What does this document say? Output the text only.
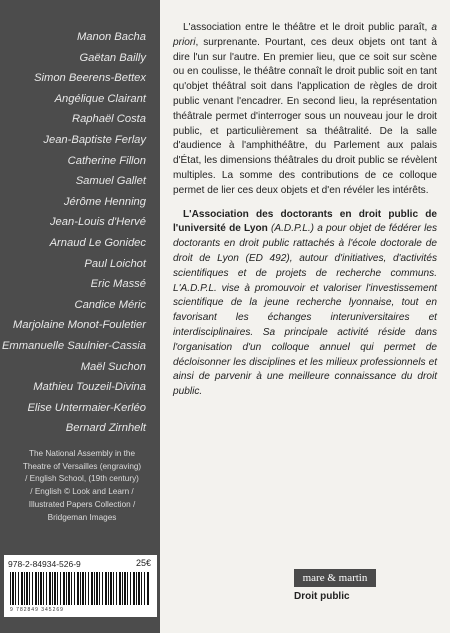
Manon Bacha
Gaëtan Bailly
Simon Beerens-Bettex
Angélique Clairant
Raphaël Costa
Jean-Baptiste Ferlay
Catherine Fillon
Samuel Gallet
Jérôme Henning
Jean-Louis d'Hervé
Arnaud Le Gonidec
Paul Loichot
Eric Massé
Candice Méric
Marjolaine Monot-Fouletier
Emmanuelle Saulnier-Cassia
Maël Suchon
Mathieu Touzeil-Divina
Elise Untermaier-Kerléo
Bernard Zirnhelt
The National Assembly in the
Theatre of Versailles (engraving)
/ English School, (19th century)
/ English © Look and Learn /
Illustrated Papers Collection /
Bridgeman Images
978-2-84934-526-9	25€
9 782849 345269

L'association entre le théâtre et le droit public paraît, a priori, surprenante. Pourtant, ces deux objets ont tant à dire l'un sur l'autre. En premier lieu, que ce soit sur scène ou en coulisse, le théâtre connaît le droit public soit en tant qu'objet théâtral soit dans l'application de règles de droit public venant l'encadrer. En second lieu, la représentation théâtrale permet d'interroger sous un nouveau jour le droit public, et particulièrement sa théâtralité. De la salle d'audience à l'amphithéâtre, du Parlement aux palais d'État, les dimensions théâtrales du droit public se révèlent multiples. La somme des contributions de ce colloque permet de lier ces deux objets et d'en révéler les intérêts.

L'Association des doctorants en droit public de l'université de Lyon (A.D.P.L.) a pour objet de fédérer les doctorants en droit public rattachés à l'école doctorale de droit de Lyon (ED 492), autour d'initiatives, d'activités scientifiques et de projets de recherche communs. L'A.D.P.L. vise à promouvoir et valoriser l'investissement scientifique de la jeune recherche lyonnaise, tout en favorisant les échanges interuniversitaires et interdisciplinaires. Sa principale activité réside dans l'organisation d'un colloque annuel qui permet de décloisonner les disciplines et les milieux professionnels et ainsi de parvenir à une meilleure connaissance du droit public.

mare & martin
Droit public
